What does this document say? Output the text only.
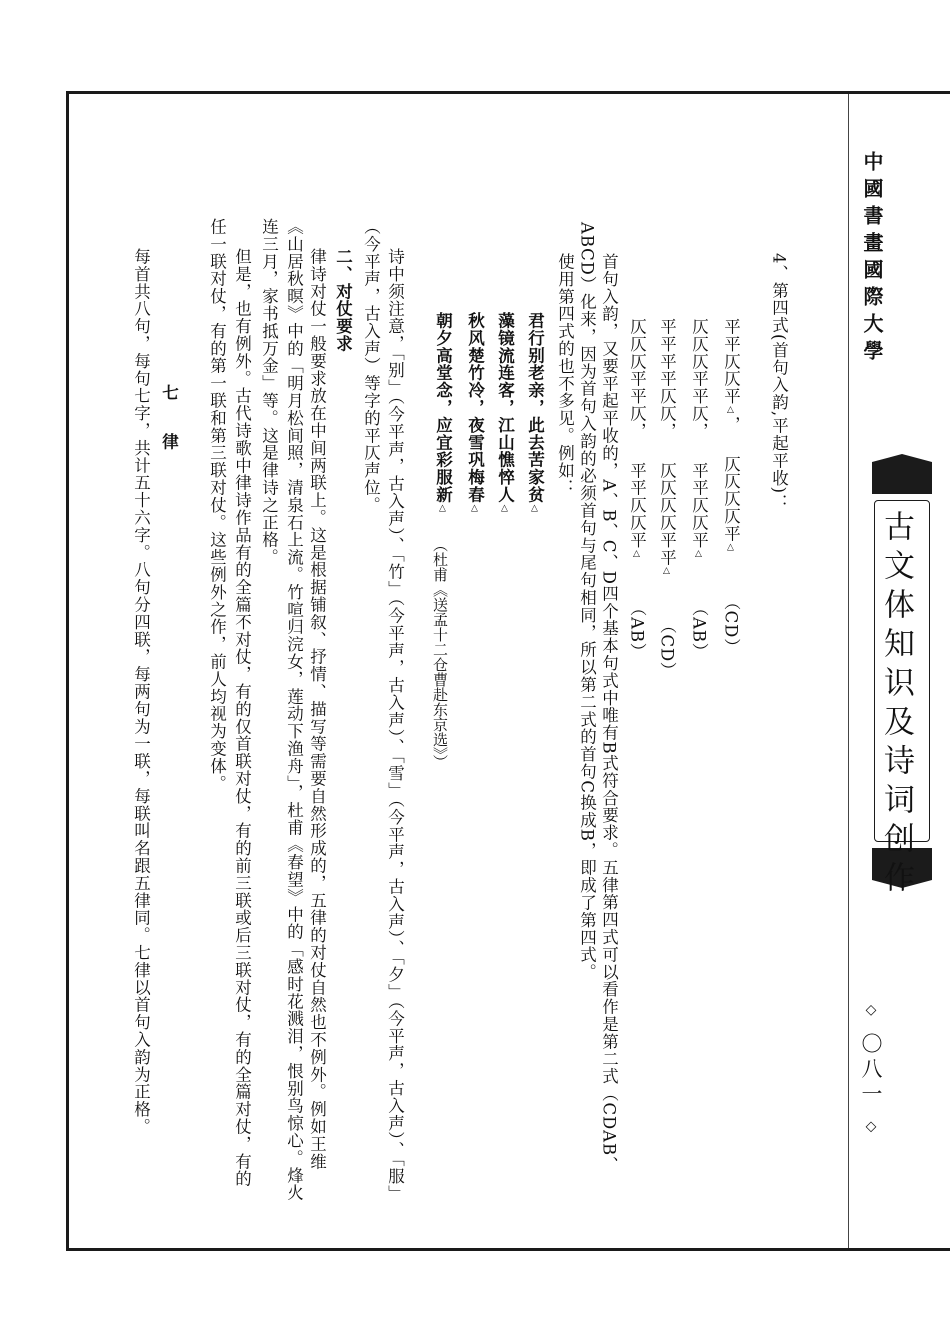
中國書畫國際大學
古文体知识及诗词创作
◇ 〇八一 ◇
4、第四式(首句入韵,平起平收)：
平平仄仄平△，仄仄仄仄平△（CD）
仄仄仄平平仄，平平仄仄平△（AB）
平平平平仄仄，仄仄仄仄平平△（CD）
仄仄仄平平仄，平平仄仄平△（AB）
首句入韵，又要平起平收的，A、B、C、D四个基本句式中唯有B式符合要求。五律第四式可以看作是第二式（CDAB、
ABCD）化来，因为首句入韵的必须首句与尾句相同，所以第二式的首句C换成B，即成了第四式。
使用第四式的也不多见。例如：
君行别老亲，此去苦家贫△
藻镜流连客，江山憔悴人△
秋风楚竹冷，夜雪巩梅春△
朝夕高堂念，应宜彩服新△
（杜甫《送孟十二仓曹赴东京选》）
诗中须注意，「别」（今平声，古入声）、「竹」（今平声，古入声）、「雪」（今平声，古入声）、「夕」（今平声，古入声）、「服」
（今平声，古入声）等字的平仄声位。
二、对仗要求
律诗对仗一般要求放在中间两联上。这是根据铺叙、抒情、描写等需要自然形成的，五律的对仗自然也不例外。例如王维
《山居秋暝》中的「明月松间照，清泉石上流。竹喧归浣女，莲动下渔舟」，杜甫《春望》中的「感时花溅泪，恨别鸟惊心。烽火
连三月，家书抵万金」等。这是律诗之正格。
但是，也有例外。古代诗歌中律诗作品有的全篇不对仗，有的仅首联对仗，有的前三联或后三联对仗，有的全篇对仗，有的
任一联对仗，有的第一联和第三联对仗。这些例外之作，前人均视为变体。
七　律
每首共八句，每句七字，共计五十六字。八句分四联，每两句为一联，每联叫名跟五律同。七律以首句入韵为正格。
